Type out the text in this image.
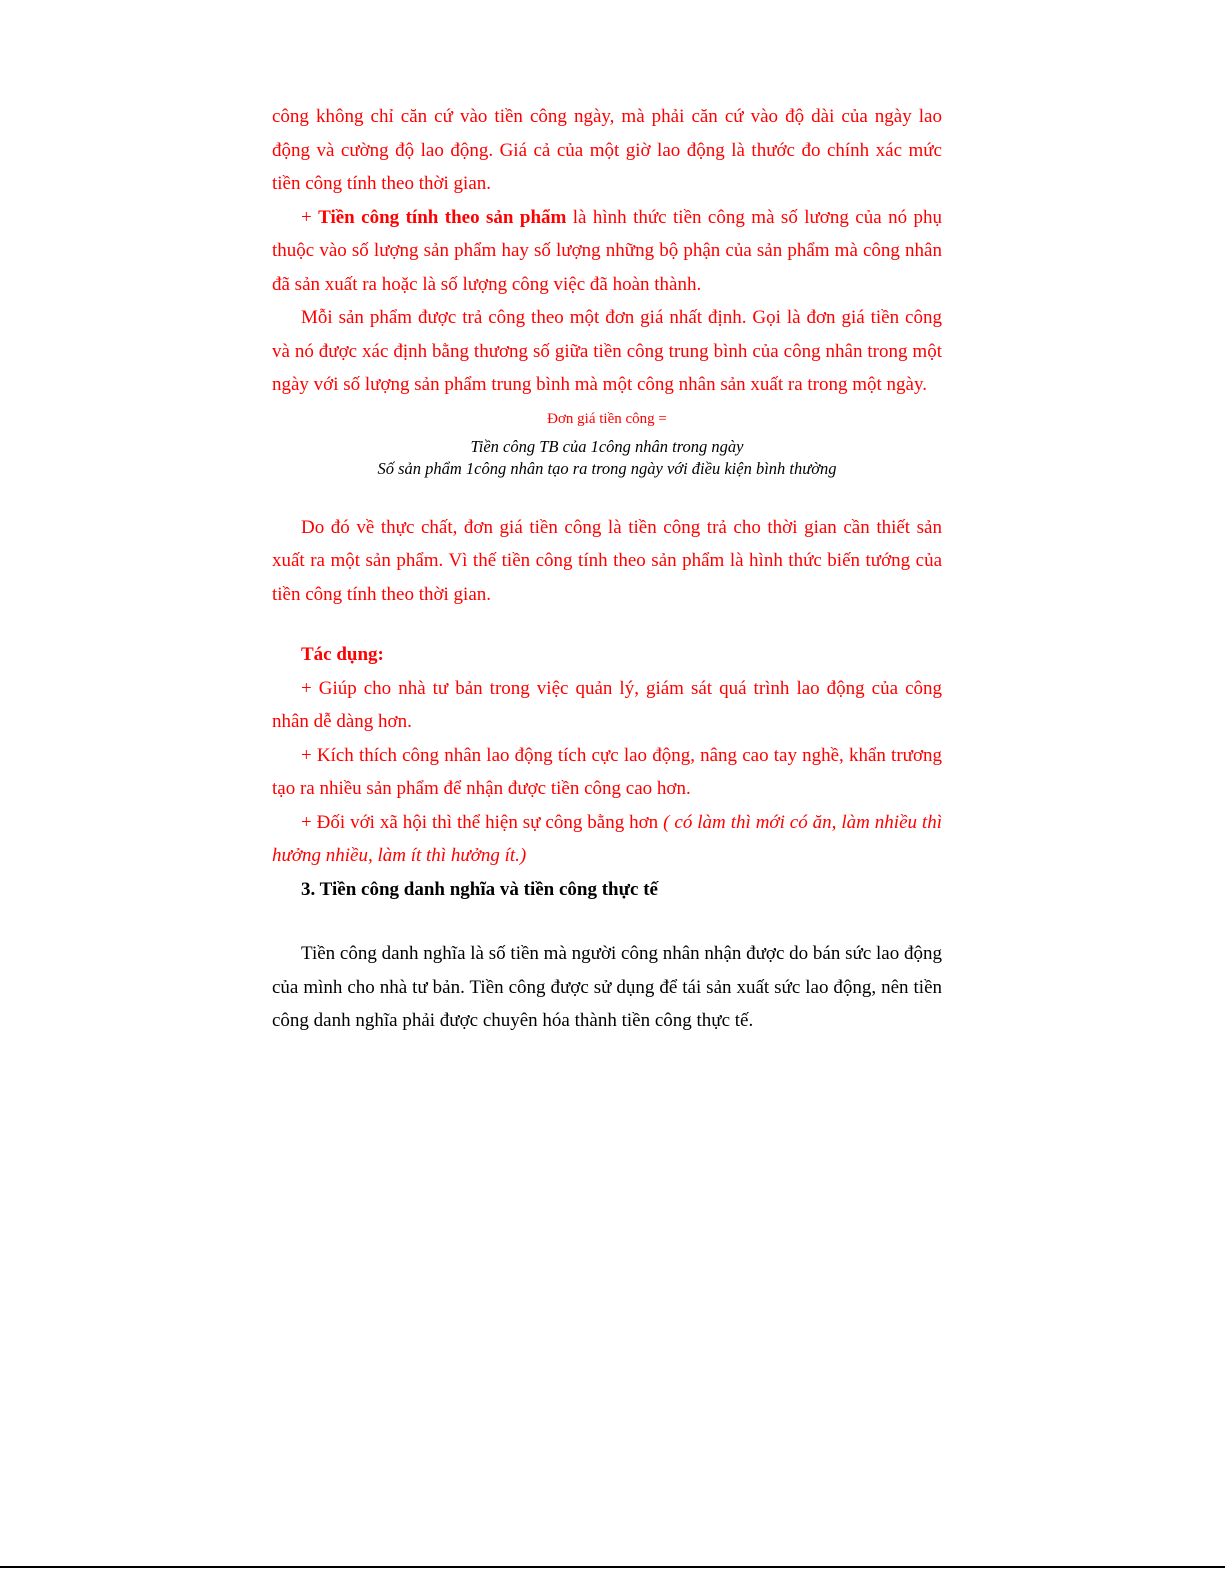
công không chỉ căn cứ vào tiền công ngày, mà phải căn cứ vào độ dài của ngày lao động và cường độ lao động. Giá cả của một giờ lao động là thước đo chính xác mức tiền công tính theo thời gian.

+ Tiền công tính theo sản phẩm là hình thức tiền công mà số lương của nó phụ thuộc vào số lượng sản phẩm hay số lượng những bộ phận của sản phẩm mà công nhân đã sản xuất ra hoặc là số lượng công việc đã hoàn thành.

Mỗi sản phẩm được trả công theo một đơn giá nhất định. Gọi là đơn giá tiền công và nó được xác định bằng thương số giữa tiền công trung bình của công nhân trong một ngày với số lượng sản phẩm trung bình mà một công nhân sản xuất ra trong một ngày.

Đơn giá tiền công =

Tiền công TB của 1công nhân trong ngày
Số sản phẩm 1công nhân tạo ra trong ngày với điều kiện bình thường

Do đó về thực chất, đơn giá tiền công là tiền công trả cho thời gian cần thiết sản xuất ra một sản phẩm. Vì thế tiền công tính theo sản phẩm là hình thức biến tướng của tiền công tính theo thời gian.

Tác dụng:

+ Giúp cho nhà tư bản trong việc quản lý, giám sát quá trình lao động của công nhân dễ dàng hơn.

+ Kích thích công nhân lao động tích cực lao động, nâng cao tay nghề, khẩn trương tạo ra nhiều sản phẩm để nhận được tiền công cao hơn.

+ Đối với xã hội thì thể hiện sự công bằng hơn ( có làm thì mới có ăn, làm nhiều thì hưởng nhiều, làm ít thì hưởng ít.)

3. Tiền công danh nghĩa và tiền công thực tế

Tiền công danh nghĩa là số tiền mà người công nhân nhận được do bán sức lao động của mình cho nhà tư bản. Tiền công được sử dụng để tái sản xuất sức lao động, nên tiền công danh nghĩa phải được chuyên hóa thành tiền công thực tế.
